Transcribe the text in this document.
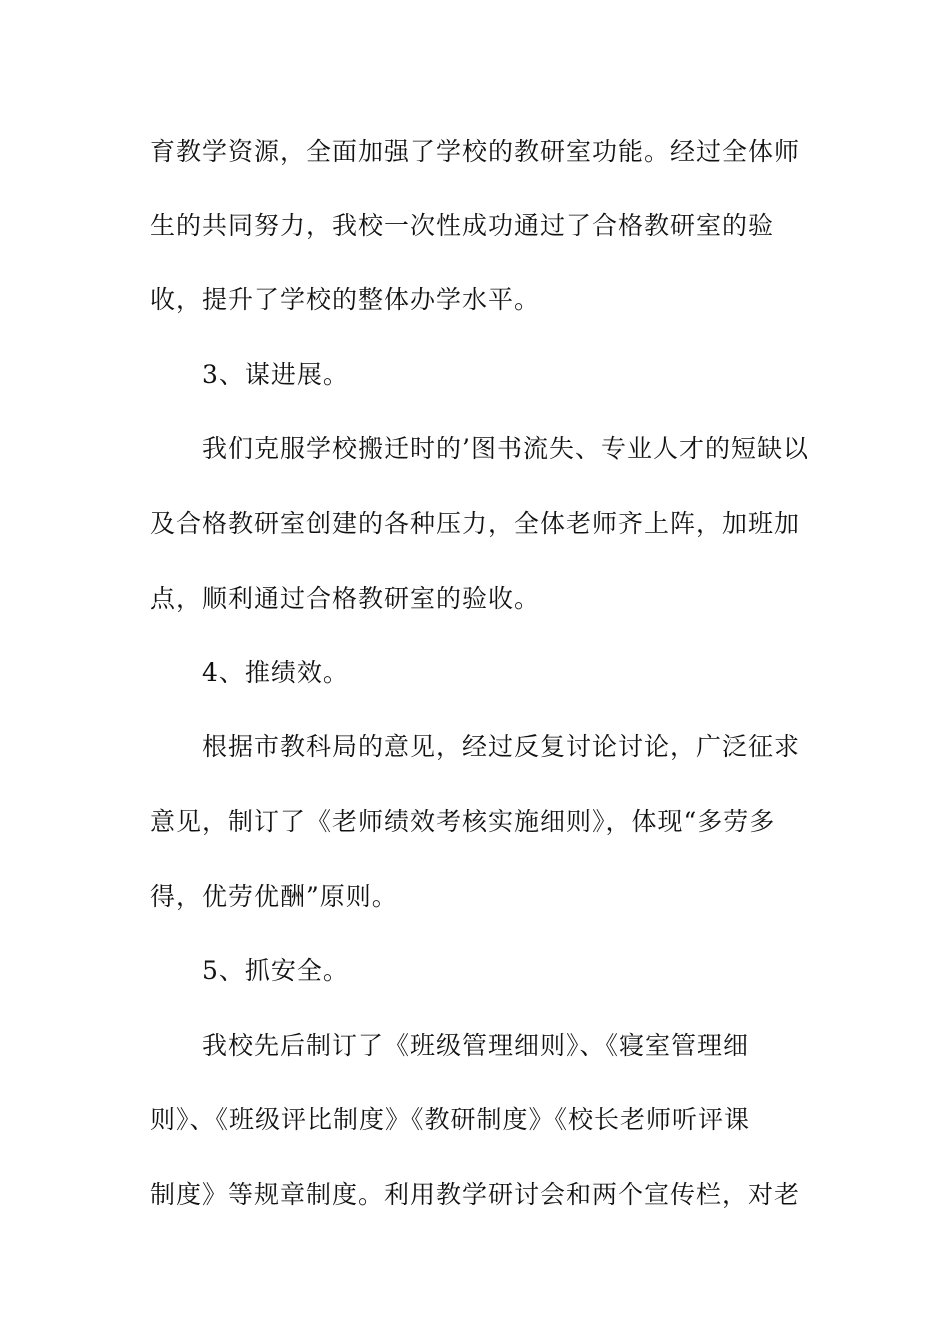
育教学资源，全面加强了学校的教研室功能。经过全体师
生的共同努力，我校一次性成功通过了合格教研室的验
收，提升了学校的整体办学水平。
3、谋进展。
我们克服学校搬迁时的’图书流失、专业人才的短缺以
及合格教研室创建的各种压力，全体老师齐上阵，加班加
点，顺利通过合格教研室的验收。
4、推绩效。
根据市教科局的意见，经过反复讨论讨论，广泛征求
意见，制订了《老师绩效考核实施细则》，体现“多劳多
得，优劳优酬”原则。
5、抓安全。
我校先后制订了《班级管理细则》、《寝室管理细
则》、《班级评比制度》《教研制度》《校长老师听评课
制度》等规章制度。利用教学研讨会和两个宣传栏，对老
